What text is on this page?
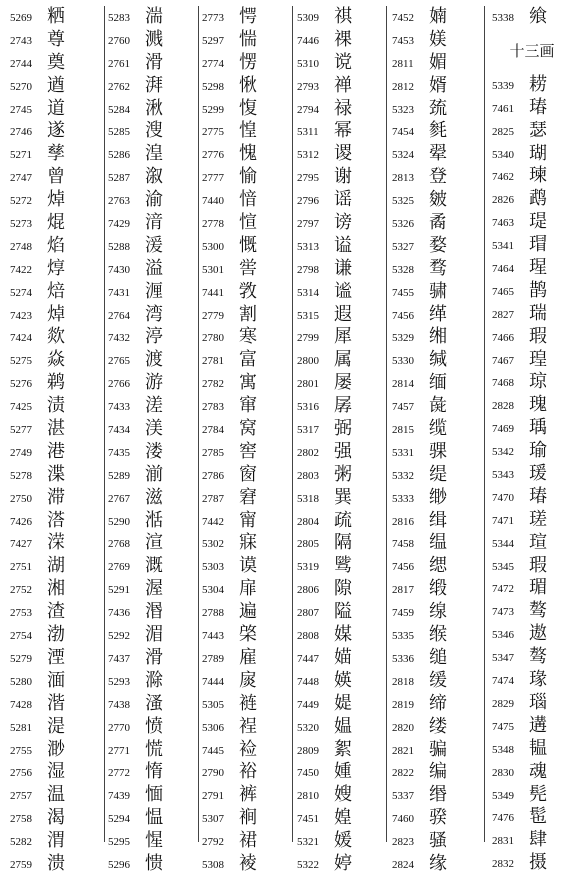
5269 粞
2743 尊
2744 奠
5270 遒
2745 道
2746 遂
5271 孳
2747 曾
5272 焯
5273 焜
2748 焰
7422 焞
5274 焙
7423 焯
7424 欻
5275 焱
5276 鹈
7425 渍
5277 湛
2749 港
5278 渫
2750 滞
7426 溚
7427 溁
2751 湖
2752 湘
2753 渣
2754 渤
5279 湮
5280 湎
7428 湝
5281 湜
2755 渺
2756 湿
2757 温
2758 渴
5282 渭
2759 溃
5283 湍
2760 溅
2761 滑
2762 湃
5284 湫
5285 溲
5286 湟
5287 溆
2763 渝
7429 湇
5288 湲
7430 溢
7431 湹
2764 湾
7432 渟
2765 渡
2766 游
7433 溠
7434 渼
7435 溇
5289 湔
2767 滋
5290 湉
2768 渲
2769 溉
5291 渥
7436 湣
5292 湄
7437 滑
5293 滁
7438 溞
2770 愤
2771 慌
2772 惰
7439 愐
5294 愠
5295 惺
5296 愦
2773 愕
5297 惴
2774 愣
5298 愀
5299 愎
2775 惶
2776 愧
2777 愉
7440 愔
2778 愃
5300 慨
5301 喾
7441 敩
2779 割
2780 寒
2781 富
2782 寓
2783 窜
2784 窝
2785 窖
2786 窗
2787 窘
7442 甯
5302 寐
5303 谟
5304 扉
2788 遍
7443 棨
2789 雇
7444 扊
5305 裢
5306 裎
7445 裣
2790 裕
2791 裤
5307 裥
2792 裙
5308 裬
5309 祺
7446 祼
5310 谠
2793 禅
2794 禄
5311 幂
5312 谡
2795 谢
2796 谣
2797 谤
5313 谥
2798 谦
5314 谧
5315 遐
2799 犀
2800 属
2801 屡
5316 孱
5317 弼
2802 强
2803 粥
5318 巽
2804 疏
2805 隔
5319 骘
2806 隙
2807 隘
2808 媒
7447 媌
7448 媖
7449 媞
5320 媪
2809 絮
7450 媑
2810 嫂
7451 媓
5321 媛
5322 婷
7452 婻
7453 媄
2811 媚
2812 婿
5323 巯
7454 毵
5324 翚
2813 登
5325 皴
5326 矞
5327 婺
5328 骛
7455 骕
7456 缂
5329 缃
5330 缄
2814 缅
7457 彘
2815 缆
5331 骒
5332 缇
5333 缈
2816 缉
7458 缊
7456 缌
2817 缎
7459 缐
5335 缑
5336 缒
2818 缓
2819 缔
2820 缕
2821 骗
2822 编
5337 缗
7460 骙
2823 骚
2824 缘
5338 飨
十三画
5339 耢
7461 瑃
2825 瑟
5340 瑚
7462 瑓
2826 鹉
7463 瑅
5341 瑁
7464 瑆
7465 鹊
2827 瑞
7466 瑕
7467 瑝
7468 琼
2828 瑰
7469 瑀
5342 瑜
5343 瑗
7470 瑃
7471 瑳
5344 瑄
5345 瑕
7472 瑂
7473 骜
5346 遨
5347 骜
7474 瑑
2829 瑙
7475 遘
5348 韫
2830 魂
5349 髡
7476 髢
2831 肆
2832 摄
